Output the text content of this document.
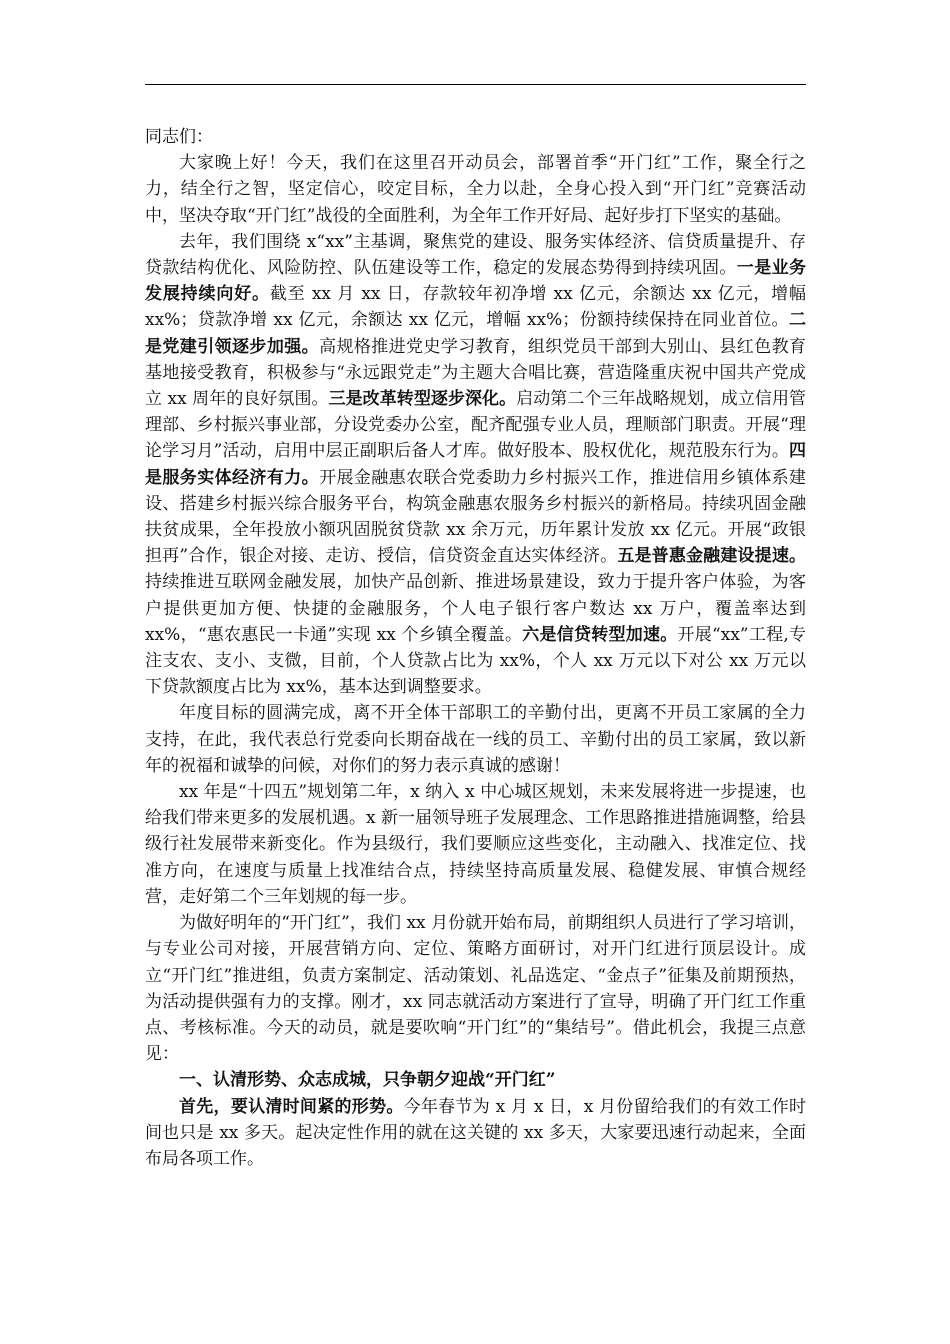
同志们：

大家晚上好！今天，我们在这里召开动员会，部署首季“开门红”工作，聚全行之力，结全行之智，坚定信心，咬定目标，全力以赴，全身心投入到“开门红”竞赛活动中，坚决夺取“开门红”战役的全面胜利，为全年工作开好局、起好步打下坚实的基础。

去年，我们围绕 x“xx”主基调，聚焦党的建设、服务实体经济、信贷质量提升、存贷款结构优化、风险防控、队伍建设等工作，稳定的发展态势得到持续巩固。一是业务发展持续向好。截至 xx 月 xx 日，存款较年初净增 xx 亿元，余额达 xx 亿元，增幅 xx%；贷款净增 xx 亿元，余额达 xx 亿元，增幅 xx%；份额持续保持在同业首位。二是党建引领逐步加强。高规格推进党史学习教育，组织党员干部到大别山、县红色教育基地接受教育，积极参与“永远跟党走”为主题大合唱比赛，营造隆重庆祝中国共产党成立 xx 周年的良好氛围。三是改革转型逐步深化。启动第二个三年战略规划，成立信用管理部、乡村振兴事业部，分设党委办公室，配齐配强专业人员，理顺部门职责。开展“理论学习月”活动，启用中层正副职后备人才库。做好股本、股权优化，规范股东行为。四是服务实体经济有力。开展金融惠农联合党委助力乡村振兴工作，推进信用乡镇体系建设、搭建乡村振兴综合服务平台，构筑金融惠农服务乡村振兴的新格局。持续巩固金融扶贫成果，全年投放小额巩固脱贫贷款 xx 余万元，历年累计发放 xx 亿元。开展“政银担再”合作，银企对接、走访、授信，信贷资金直达实体经济。五是普惠金融建设提速。持续推进互联网金融发展，加快产品创新、推进场景建设，致力于提升客户体验，为客户提供更加方便、快捷的金融服务，个人电子银行客户数达 xx 万户，覆盖率达到 xx%，“惠农惠民一卡通”实现 xx 个乡镇全覆盖。六是信贷转型加速。开展“xx”工程,专注支农、支小、支微，目前，个人贷款占比为 xx%，个人 xx 万元以下对公 xx 万元以下贷款额度占比为 xx%，基本达到调整要求。

年度目标的圆满完成，离不开全体干部职工的辛勤付出，更离不开员工家属的全力支持，在此，我代表总行党委向长期奋战在一线的员工、辛勤付出的员工家属，致以新年的祝福和诚挚的问候，对你们的努力表示真诚的感谢！

xx 年是“十四五”规划第二年，x 纳入 x 中心城区规划，未来发展将进一步提速，也给我们带来更多的发展机遇。x 新一届领导班子发展理念、工作思路推进措施调整，给县级行社发展带来新变化。作为县级行，我们要顺应这些变化，主动融入、找准定位、找准方向，在速度与质量上找准结合点，持续坚持高质量发展、稳健发展、审慎合规经营，走好第二个三年划规的每一步。

为做好明年的“开门红”，我们 xx 月份就开始布局，前期组织人员进行了学习培训，与专业公司对接，开展营销方向、定位、策略方面研讨，对开门红进行顶层设计。成立“开门红”推进组，负责方案制定、活动策划、礼品选定、“金点子”征集及前期预热，为活动提供强有力的支撑。刚才，xx 同志就活动方案进行了宣导，明确了开门红工作重点、考核标准。今天的动员，就是要吹响“开门红”的“集结号”。借此机会，我提三点意见：

一、认清形势、众志成城，只争朝夕迎战“开门红”

首先，要认清时间紧的形势。今年春节为 x 月 x 日，x 月份留给我们的有效工作时间也只是 xx 多天。起决定性作用的就在这关键的 xx 多天，大家要迅速行动起来，全面布局各项工作。
